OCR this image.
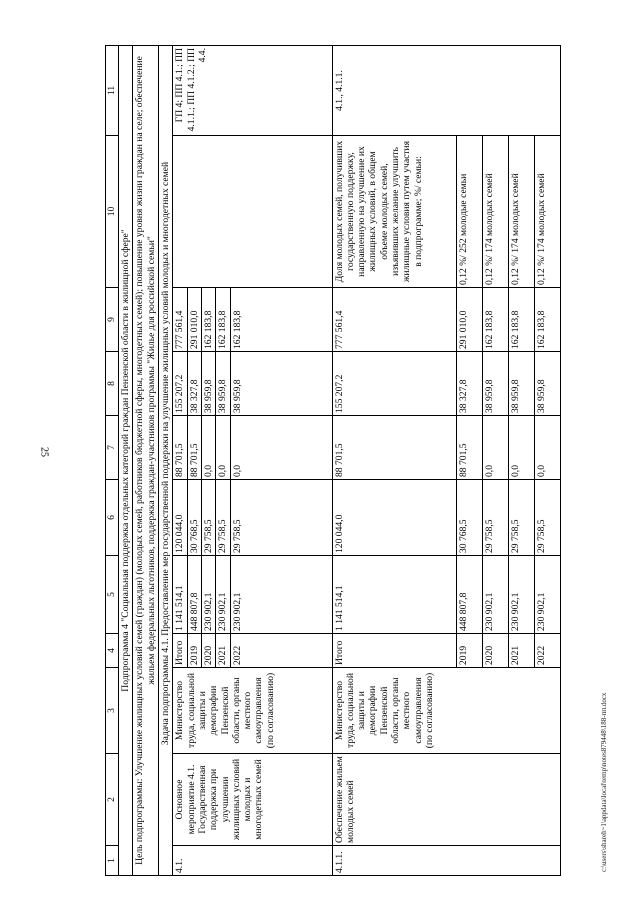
25
1	2	3	4	5	6	7	8	9	10	11
Подпрограмма 4 "Социальная поддержка отдельных категорий граждан Пензенской области в жилищной сфере"										
Цель подпрограммы: Улучшение жилищных условий семей (граждан) (молодых семей, работников бюджетной сферы, многодетных семей); повышение уровня жизни граждан на селе; обеспечение жильем федеральных льготников, поддержка граждан-участников программы "Жилье для российской семьи"										
Задача подпрограммы 4.1. Предоставление мер государственной поддержки на улучшение жилищных условий молодых и многодетных семей										
4.1.	Основное мероприятие 4.1. Государственная поддержка при улучшении жилищных условий молодых и многодетных семей	Министерство труда, социальной защиты и демографии Пензенской области, органы местного самоуправления (по согласованию)	Итого	1 141 514,1	120 044,0	88 701,5	155 207,2	777 561,4		ГП 4; ПП 4.1.; ПП 4.1.1.; ПП 4.1.2.; ПП 4.4.
			2019	448 807,8	30 768,5	88 701,5	38 327,8	291 010,0		
			2020	230 902,1	29 758,5	0,0	38 959,8	162 183,8		
			2021	230 902,1	29 758,5	0,0	38 959,8	162 183,8		
			2022	230 902,1	29 758,5	0,0	38 959,8	162 183,8		
4.1.1.	Обеспечение жильем молодых семей	Министерство труда, социальной защиты и демографии Пензенской области, органы местного самоуправления (по согласованию)	Итого	1 141 514,1	120 044,0	88 701,5	155 207,2	777 561,4	Доля молодых семей, получивших государственную поддержку, направленную на улучшение их жилищных условий, в общем объеме молодых семей, изъявивших желание улучшить жилищные условия путем участия в подпрограмме; %/ семьи:	4.1., 4.1.1.
			2019	448 807,8	30 768,5	88 701,5	38 327,8	291 010,0	0,12 %/ 252 молодые семьи	
			2020	230 902,1	29 758,5	0,0	38 959,8	162 183,8	0,12 %/ 174 молодых семей	
			2021	230 902,1	29 758,5	0,0	38 959,8	162 183,8	0,12 %/ 174 молодых семей	
			2022	230 902,1	29 758,5	0,0	38 959,8	162 183,8	0,12 %/ 174 молодых семей	
c:\users\shareh~1\appdata\local\temp\notes879448\188-пп.docx
